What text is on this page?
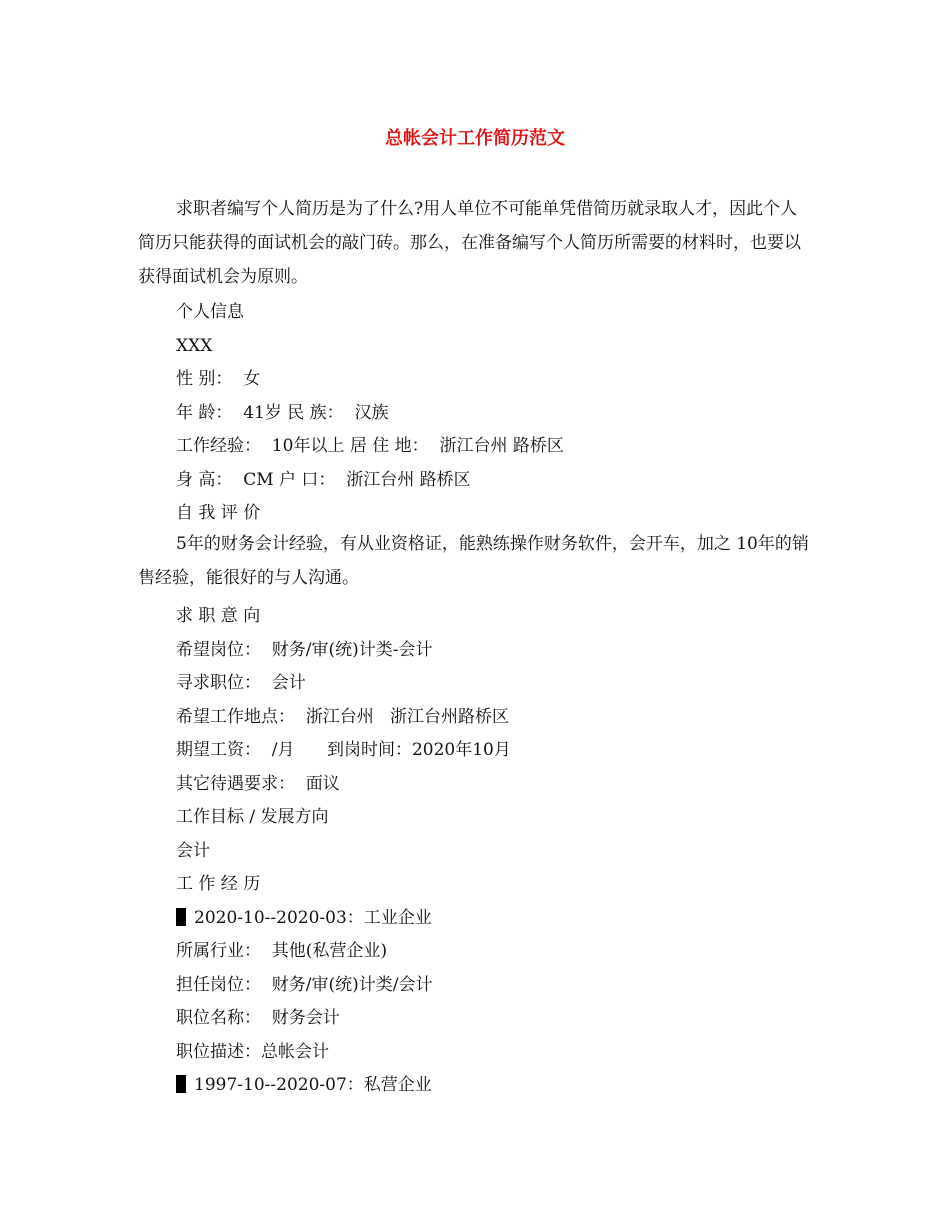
总帐会计工作简历范文

求职者编写个人简历是为了什么?用人单位不可能单凭借简历就录取人才，因此个人简历只能获得的面试机会的敲门砖。那么，在准备编写个人简历所需要的材料时，也要以获得面试机会为原则。

个人信息
XXX
性 别：  女
年 龄：  41岁 民 族：  汉族
工作经验：  10年以上 居 住 地：  浙江台州 路桥区
身 高：  CM 户 口：  浙江台州 路桥区
自 我 评 价

5年的财务会计经验，有从业资格证，能熟练操作财务软件，会开车，加之 10年的销售经验，能很好的与人沟通。

求 职 意 向
希望岗位：  财务/审(统)计类-会计
寻求职位：  会计
希望工作地点：  浙江台州   浙江台州路桥区
期望工资：  /月      到岗时间：2020年10月
其它待遇要求：  面议
工作目标 / 发展方向
会计
工 作 经 历
2020-10--2020-03：工业企业
所属行业：  其他(私营企业)
担任岗位：  财务/审(统)计类/会计
职位名称：  财务会计
职位描述：总帐会计
1997-10--2020-07：私营企业
